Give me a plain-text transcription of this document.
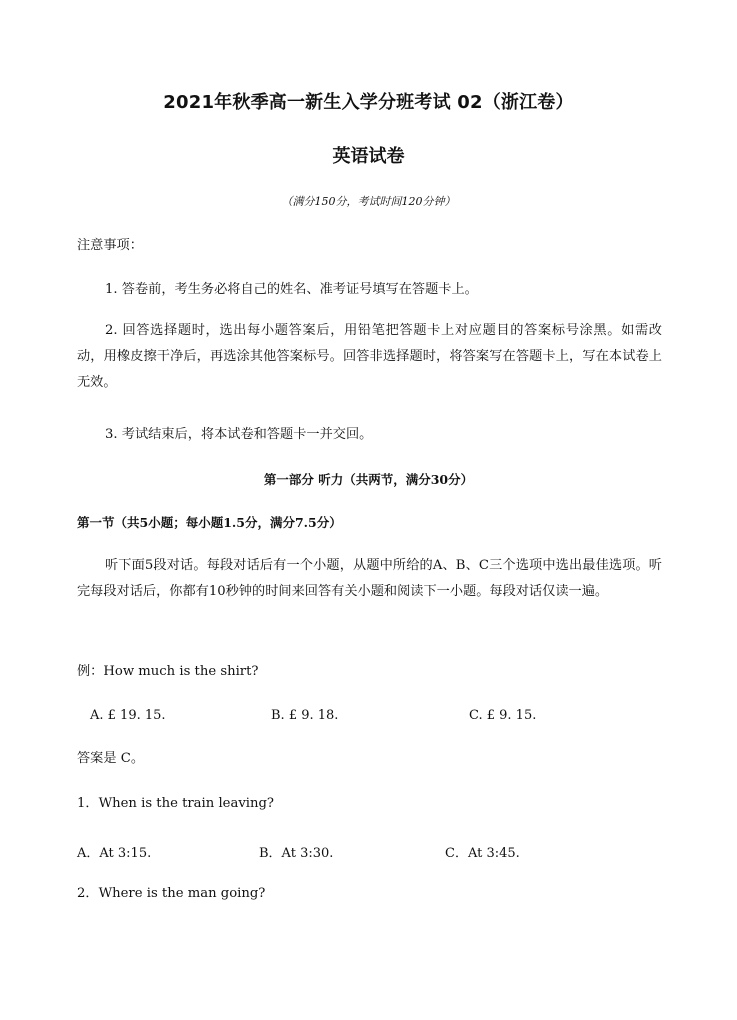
2021年秋季高一新生入学分班考试 02（浙江卷）
英语试卷
（满分150分，考试时间120分钟）
注意事项：
1. 答卷前，考生务必将自己的姓名、准考证号填写在答题卡上。
2. 回答选择题时，选出每小题答案后，用铅笔把答题卡上对应题目的答案标号涂黑。如需改动，用橡皮擦干净后，再选涂其他答案标号。回答非选择题时，将答案写在答题卡上，写在本试卷上无效。
3. 考试结束后，将本试卷和答题卡一并交回。
第一部分 听力（共两节，满分30分）
第一节（共5小题；每小题1.5分，满分7.5分）
听下面5段对话。每段对话后有一个小题，从题中所给的A、B、C三个选项中选出最佳选项。听完每段对话后，你都有10秒钟的时间来回答有关小题和阅读下一小题。每段对话仅读一遍。
例：How much is the shirt?
A. £ 19. 15.	B. £ 9. 18.	C. £ 9. 15.
答案是 C。
1．When is the train leaving?
A．At 3:15.	B．At 3:30.	C．At 3:45.
2．Where is the man going?
